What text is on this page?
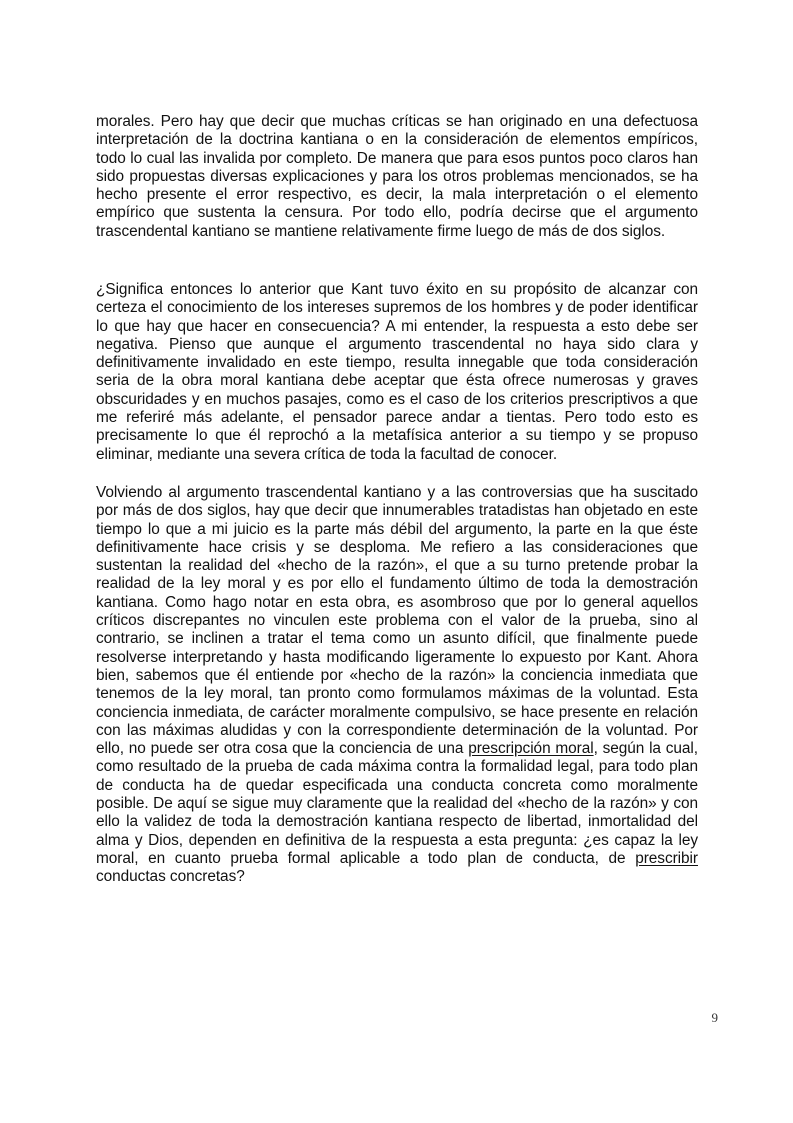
morales. Pero hay que decir que muchas críticas se han originado en una defectuosa interpretación de la doctrina kantiana o en la consideración de elementos empíricos, todo lo cual las invalida por completo. De manera que para esos puntos poco claros han sido propuestas diversas explicaciones y para los otros problemas mencionados, se ha hecho presente el error respectivo, es decir, la mala interpretación o el elemento empírico que sustenta la censura. Por todo ello, podría decirse que el argumento trascendental kantiano se mantiene relativamente firme luego de más de dos siglos.

¿Significa entonces lo anterior que Kant tuvo éxito en su propósito de alcanzar con certeza el conocimiento de los intereses supremos de los hombres y de poder identificar lo que hay que hacer en consecuencia? A mi entender, la respuesta a esto debe ser negativa. Pienso que aunque el argumento trascendental no haya sido clara y definitivamente invalidado en este tiempo, resulta innegable que toda consideración seria de la obra moral kantiana debe aceptar que ésta ofrece numerosas y graves obscuridades y en muchos pasajes, como es el caso de los criterios prescriptivos a que me referiré más adelante, el pensador parece andar a tientas. Pero todo esto es precisamente lo que él reprochó a la metafísica anterior a su tiempo y se propuso eliminar, mediante una severa crítica de toda la facultad de conocer.

Volviendo al argumento trascendental kantiano y a las controversias que ha suscitado por más de dos siglos, hay que decir que innumerables tratadistas han objetado en este tiempo lo que a mi juicio es la parte más débil del argumento, la parte en la que éste definitivamente hace crisis y se desploma. Me refiero a las consideraciones que sustentan la realidad del «hecho de la razón», el que a su turno pretende probar la realidad de la ley moral y es por ello el fundamento último de toda la demostración kantiana. Como hago notar en esta obra, es asombroso que por lo general aquellos críticos discrepantes no vinculen este problema con el valor de la prueba, sino al contrario, se inclinen a tratar el tema como un asunto difícil, que finalmente puede resolverse interpretando y hasta modificando ligeramente lo expuesto por Kant. Ahora bien, sabemos que él entiende por «hecho de la razón» la conciencia inmediata que tenemos de la ley moral, tan pronto como formulamos máximas de la voluntad. Esta conciencia inmediata, de carácter moralmente compulsivo, se hace presente en relación con las máximas aludidas y con la correspondiente determinación de la voluntad. Por ello, no puede ser otra cosa que la conciencia de una prescripción moral, según la cual, como resultado de la prueba de cada máxima contra la formalidad legal, para todo plan de conducta ha de quedar especificada una conducta concreta como moralmente posible. De aquí se sigue muy claramente que la realidad del «hecho de la razón» y con ello la validez de toda la demostración kantiana respecto de libertad, inmortalidad del alma y Dios, dependen en definitiva de la respuesta a esta pregunta: ¿es capaz la ley moral, en cuanto prueba formal aplicable a todo plan de conducta, de prescribir conductas concretas?

9
